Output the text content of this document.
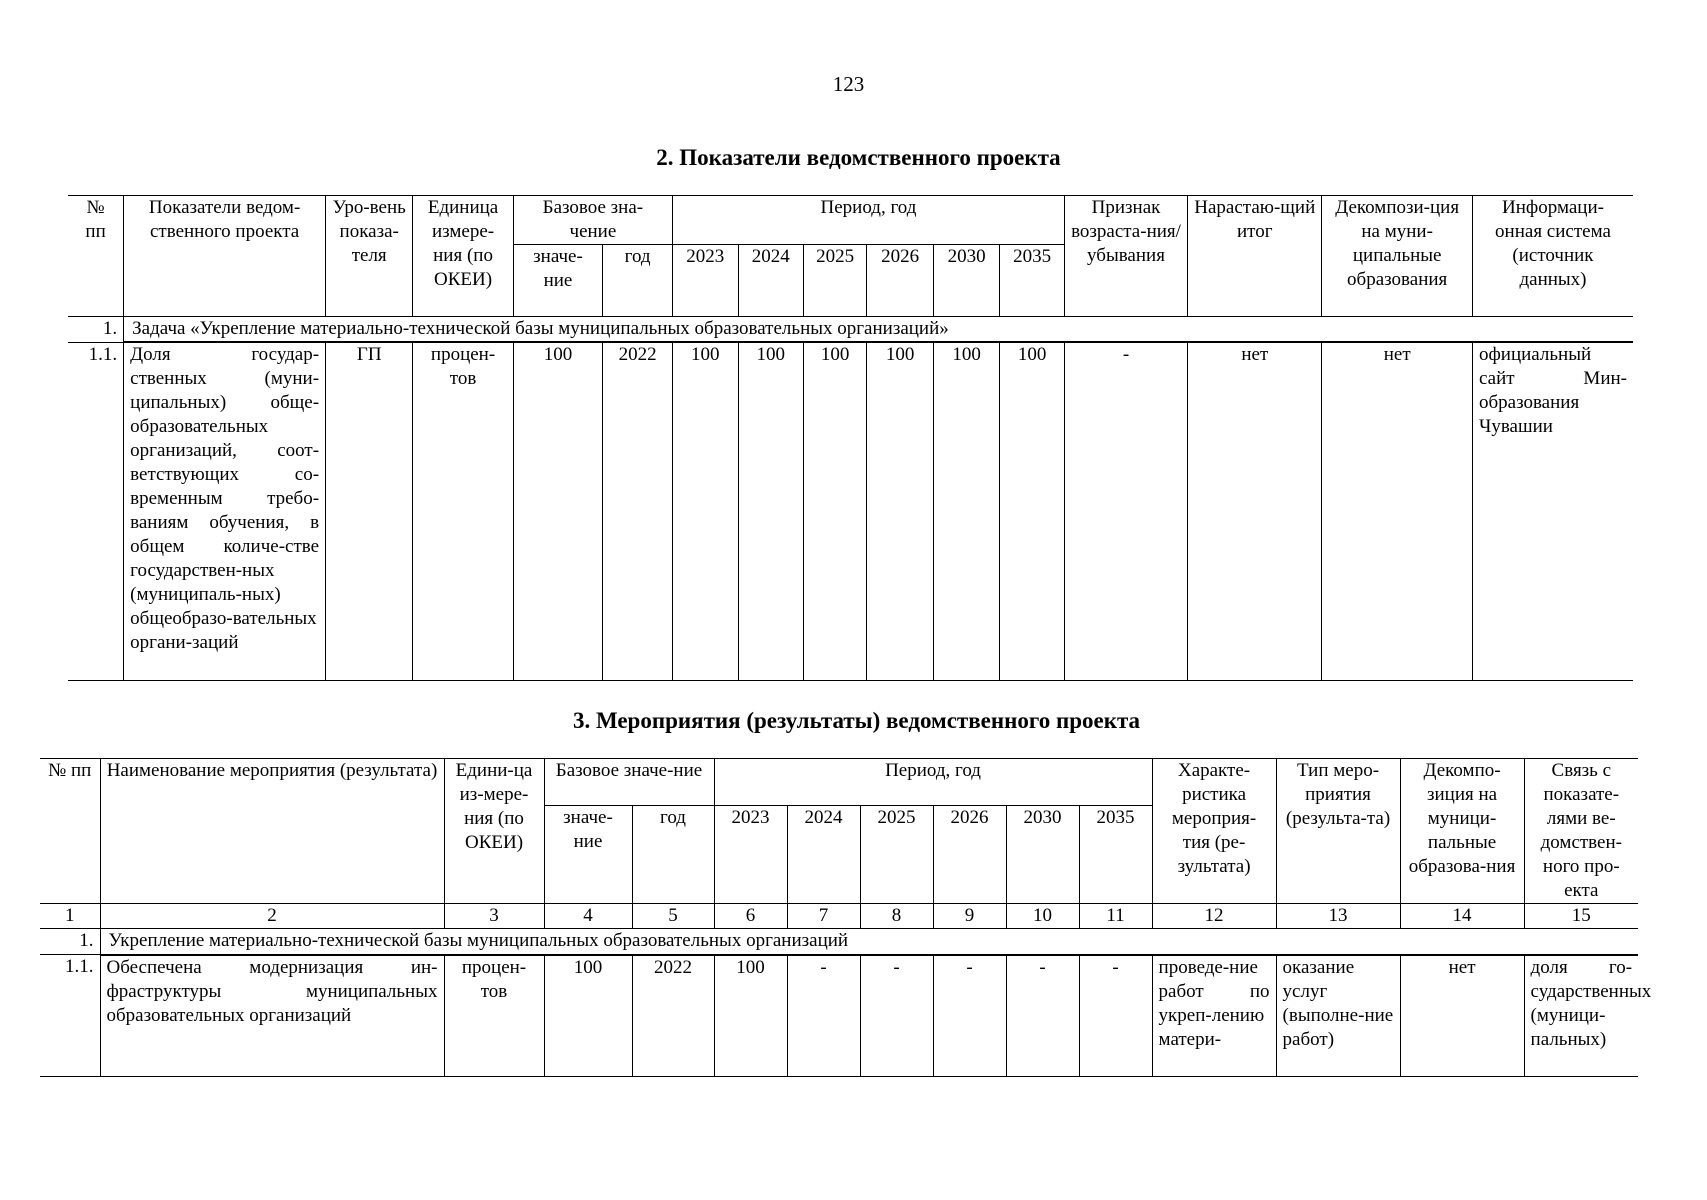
123
2. Показатели ведомственного проекта
№ пп	Показатели ведом-ственного проекта	Уро-вень показа-теля	Единица измере-ния (по ОКЕИ)	Базовое зна-чение		Период, год						Признак возраста-ния/ убывания	Нарастаю-щий итог	Декомпози-ция на муни-ципальные образования	Информаци-онная система (источник данных)
				значе-ние	год	2023	2024	2025	2026	2030	2035				
1.	Задача «Укрепление материально-технической базы муниципальных образовательных организаций»														
1.1.	Доля государ-ственных (муни-ципальных) обще-образовательных организаций, соот-ветствующих со-временным требо-ваниям обучения, в общем количе-стве государствен-ных (муниципаль-ных) общеобразо-вательных органи-заций	ГП	процен-тов	100	2022	100	100	100	100	100	100	-	нет	нет	официальный сайт Мин-образования Чувашии
3. Мероприятия (результаты) ведомственного проекта
№ пп	Наименование мероприятия (результата)	Едини-ца из-мере-ния (по ОКЕИ)	Базовое значе-ние		Период, год						Характе-ристика мероприя-тия (ре-зультата)	Тип меро-приятия (результа-та)	Декомпо-зиция на муници-пальные образова-ния	Связь с показате-лями ве-домствен-ного про-екта
			значе-ние	год	2023	2024	2025	2026	2030	2035				
1	2	3	4	5	6	7	8	9	10	11	12	13	14	15
1.	Укрепление материально-технической базы муниципальных образовательных организаций													
1.1.	Обеспечена модернизация ин-фраструктуры муниципальных образовательных организаций	процен-тов	100	2022	100	-	-	-	-	-	проведе-ние работ по укреп-лению матери-	оказание услуг (выполне-ние работ)	нет	доля го-сударственных (муници-пальных)
